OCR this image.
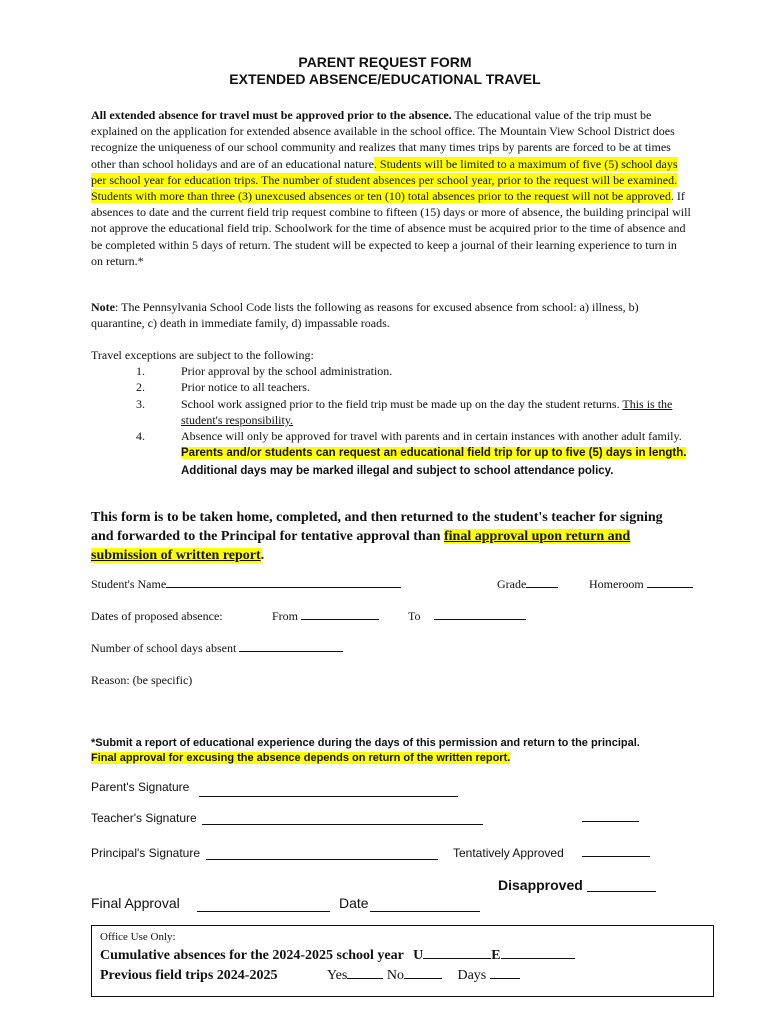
PARENT REQUEST FORM
EXTENDED ABSENCE/EDUCATIONAL TRAVEL
All extended absence for travel must be approved prior to the absence. The educational value of the trip must be explained on the application for extended absence available in the school office. The Mountain View School District does recognize the uniqueness of our school community and realizes that many times trips by parents are forced to be at times other than school holidays and are of an educational nature. Students will be limited to a maximum of five (5) school days per school year for education trips. The number of student absences per school year, prior to the request will be examined. Students with more than three (3) unexcused absences or ten (10) total absences prior to the request will not be approved. If absences to date and the current field trip request combine to fifteen (15) days or more of absence, the building principal will not approve the educational field trip. Schoolwork for the time of absence must be acquired prior to the time of absence and be completed within 5 days of return. The student will be expected to keep a journal of their learning experience to turn in on return.*
Note: The Pennsylvania School Code lists the following as reasons for excused absence from school: a) illness, b) quarantine, c) death in immediate family, d) impassable roads.
Travel exceptions are subject to the following:
1.	Prior approval by the school administration.
2.	Prior notice to all teachers.
3.	School work assigned prior to the field trip must be made up on the day the student returns. This is the student's responsibility.
4.	Absence will only be approved for travel with parents and in certain instances with another adult family. Parents and/or students can request an educational field trip for up to five (5) days in length. Additional days may be marked illegal and subject to school attendance policy.
This form is to be taken home, completed, and then returned to the student's teacher for signing and forwarded to the Principal for tentative approval than final approval upon return and submission of written report.
Student's Name	Grade	Homeroom
Dates of proposed absence:	From	To
Number of school days absent
Reason: (be specific)
*Submit a report of educational experience during the days of this permission and return to the principal.
Final approval for excusing the absence depends on return of the written report.
Parent's Signature
Teacher's Signature
Principal's Signature	Tentatively Approved
Disapproved
Final Approval	Date
Office Use Only:
Cumulative absences for the 2024-2025 school year U	E
Previous field trips 2024-2025	Yes	No	Days
